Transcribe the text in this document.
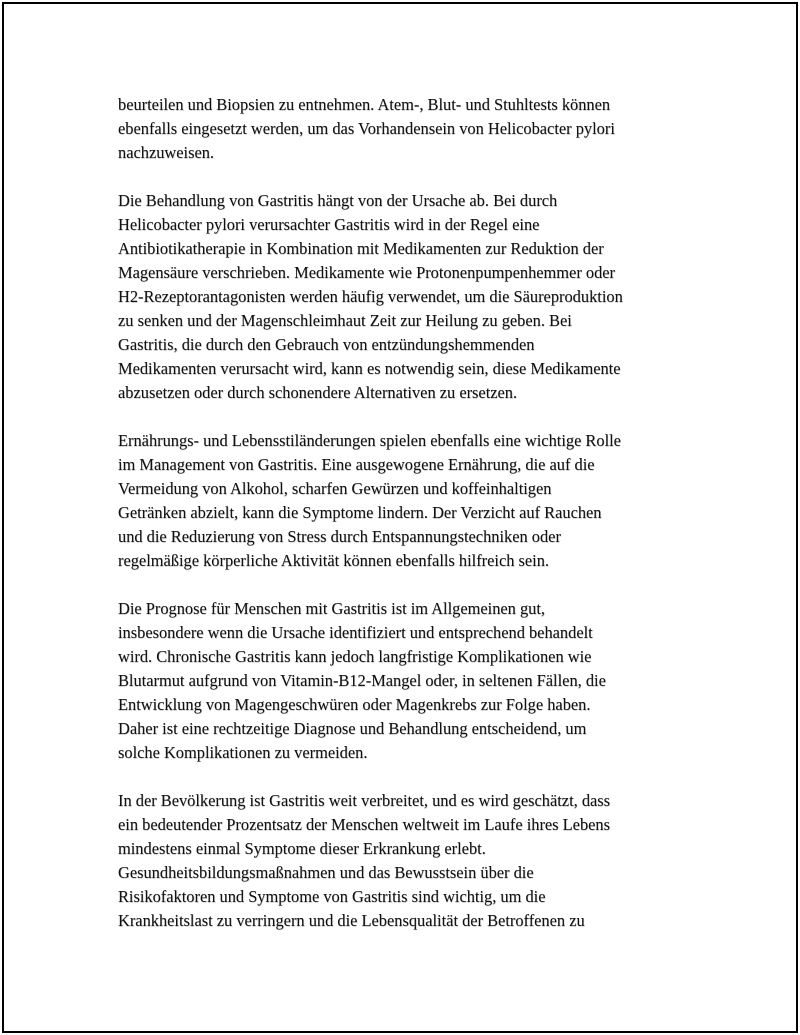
beurteilen und Biopsien zu entnehmen. Atem-, Blut- und Stuhltests können
ebenfalls eingesetzt werden, um das Vorhandensein von Helicobacter pylori
nachzuweisen.
Die Behandlung von Gastritis hängt von der Ursache ab. Bei durch
Helicobacter pylori verursachter Gastritis wird in der Regel eine
Antibiotikatherapie in Kombination mit Medikamenten zur Reduktion der
Magensäure verschrieben. Medikamente wie Protonenpumpenhemmer oder
H2-Rezeptorantagonisten werden häufig verwendet, um die Säureproduktion
zu senken und der Magenschleimhaut Zeit zur Heilung zu geben. Bei
Gastritis, die durch den Gebrauch von entzündungshemmenden
Medikamenten verursacht wird, kann es notwendig sein, diese Medikamente
abzusetzen oder durch schonendere Alternativen zu ersetzen.
Ernährungs- und Lebensstiländerungen spielen ebenfalls eine wichtige Rolle
im Management von Gastritis. Eine ausgewogene Ernährung, die auf die
Vermeidung von Alkohol, scharfen Gewürzen und koffeinhaltigen
Getränken abzielt, kann die Symptome lindern. Der Verzicht auf Rauchen
und die Reduzierung von Stress durch Entspannungstechniken oder
regelmäßige körperliche Aktivität können ebenfalls hilfreich sein.
Die Prognose für Menschen mit Gastritis ist im Allgemeinen gut,
insbesondere wenn die Ursache identifiziert und entsprechend behandelt
wird. Chronische Gastritis kann jedoch langfristige Komplikationen wie
Blutarmut aufgrund von Vitamin-B12-Mangel oder, in seltenen Fällen, die
Entwicklung von Magengeschwüren oder Magenkrebs zur Folge haben.
Daher ist eine rechtzeitige Diagnose und Behandlung entscheidend, um
solche Komplikationen zu vermeiden.
In der Bevölkerung ist Gastritis weit verbreitet, und es wird geschätzt, dass
ein bedeutender Prozentsatz der Menschen weltweit im Laufe ihres Lebens
mindestens einmal Symptome dieser Erkrankung erlebt.
Gesundheitsbildungsmaßnahmen und das Bewusstsein über die
Risikofaktoren und Symptome von Gastritis sind wichtig, um die
Krankheitslast zu verringern und die Lebensqualität der Betroffenen zu
